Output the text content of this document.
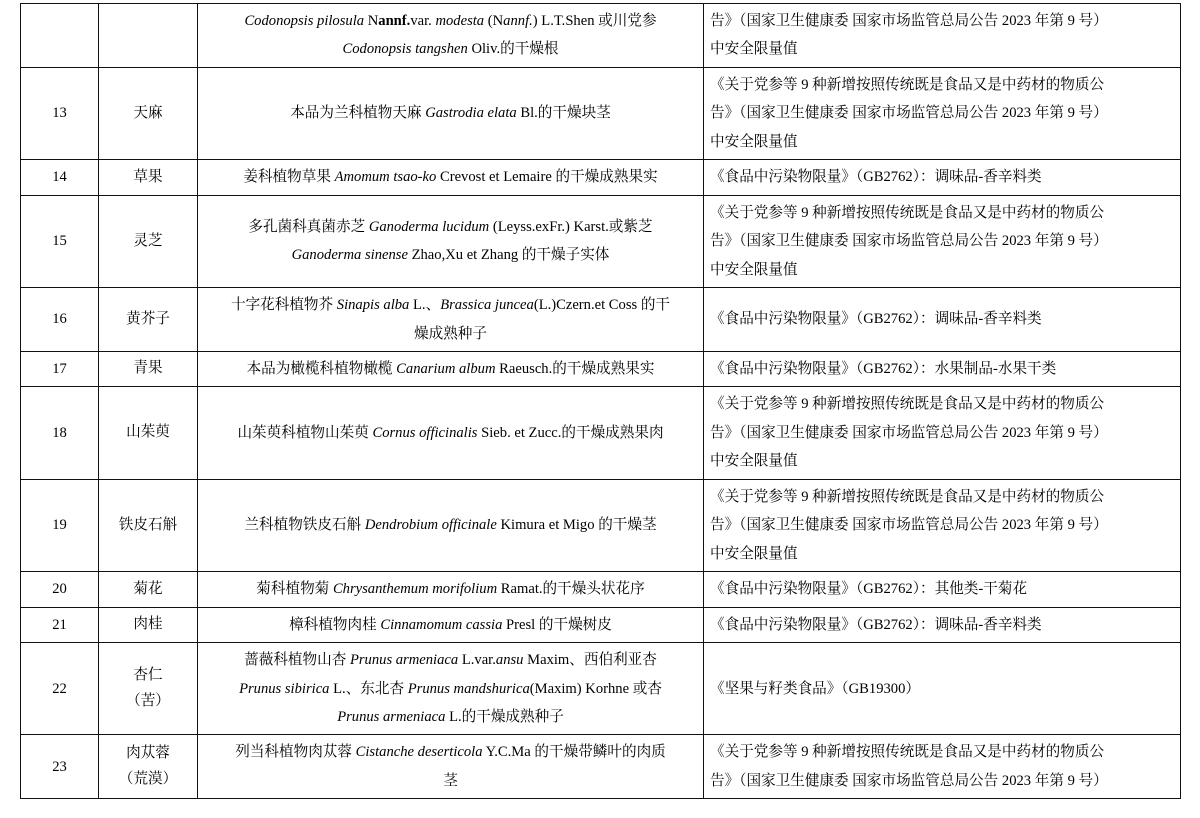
		Codonopsis pilosula Nannf.var. modesta (Nannf.) L.T.Shen 或川党参
Codonopsis tangshen Oliv.的干燥根	告》（国家卫生健康委 国家市场监管总局公告 2023 年第 9 号）
中安全限量值

13	天麻	本品为兰科植物天麻 Gastrodia elata Bl.的干燥块茎	《关于党参等 9 种新增按照传统既是食品又是中药材的物质公
告》（国家卫生健康委 国家市场监管总局公告 2023 年第 9 号）
中安全限量值

14	草果	姜科植物草果 Amomum tsao-ko Crevost et Lemaire 的干燥成熟果实	《食品中污染物限量》（GB2762）：调味品-香辛料类

15	灵芝	多孔菌科真菌赤芝 Ganoderma lucidum (Leyss.exFr.) Karst.或紫芝
Ganoderma sinense Zhao,Xu et Zhang 的干燥子实体	《关于党参等 9 种新增按照传统既是食品又是中药材的物质公
告》（国家卫生健康委 国家市场监管总局公告 2023 年第 9 号）
中安全限量值

16	黄芥子	十字花科植物芥 Sinapis alba L.、Brassica juncea(L.)Czern.et Coss 的干
燥成熟种子	《食品中污染物限量》（GB2762）：调味品-香辛料类

17	青果	本品为橄榄科植物橄榄 Canarium album Raeusch.的干燥成熟果实	《食品中污染物限量》（GB2762）：水果制品-水果干类

18	山茱萸	山茱萸科植物山茱萸 Cornus officinalis Sieb. et Zucc.的干燥成熟果肉	《关于党参等 9 种新增按照传统既是食品又是中药材的物质公
告》（国家卫生健康委 国家市场监管总局公告 2023 年第 9 号）
中安全限量值

19	铁皮石斛	兰科植物铁皮石斛 Dendrobium officinale Kimura et Migo 的干燥茎	《关于党参等 9 种新增按照传统既是食品又是中药材的物质公
告》（国家卫生健康委 国家市场监管总局公告 2023 年第 9 号）
中安全限量值

20	菊花	菊科植物菊 Chrysanthemum morifolium Ramat.的干燥头状花序	《食品中污染物限量》（GB2762）：其他类-干菊花

21	肉桂	樟科植物肉桂 Cinnamomum cassia Presl 的干燥树皮	《食品中污染物限量》（GB2762）：调味品-香辛料类

22	杏仁
（苦）	蔷薇科植物山杏 Prunus armeniaca L.var.ansu Maxim、西伯利亚杏
Prunus sibirica L.、东北杏 Prunus mandshurica(Maxim) Korhne 或杏
Prunus armeniaca L.的干燥成熟种子	《坚果与籽类食品》（GB19300）

23	肉苁蓉
（荒漠）	列当科植物肉苁蓉 Cistanche deserticola Y.C.Ma 的干燥带鳞叶的肉质
茎	《关于党参等 9 种新增按照传统既是食品又是中药材的物质公
告》（国家卫生健康委 国家市场监管总局公告 2023 年第 9 号）
